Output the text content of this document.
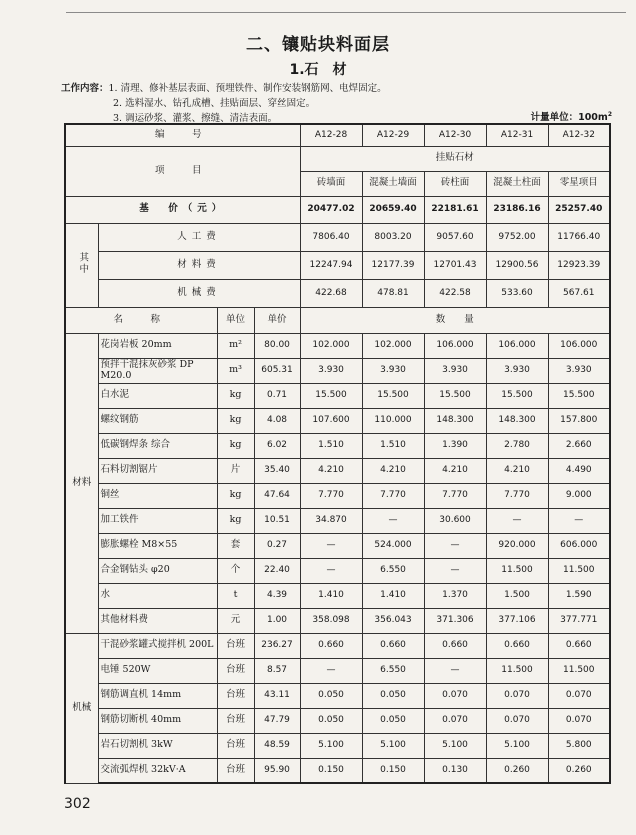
二、镶贴块料面层
1.石　材
工作内容：1. 清理、修补基层表面、预埋铁件、制作安装钢筋网、电焊固定。
2. 选料湿水、钻孔成槽、挂贴面层、穿丝固定。
3. 调运砂浆、灌浆、擦缝、清洁表面。	计量单位：$100m^2$
编　号				A12-28	A12-29	A12-30	A12-31	A12-32
项　目				挂贴石材				
				砖墙面	混凝土墙面	砖柱面	混凝土柱面	零星项目
基　价（元）				20477.02	20659.40	22181.61	23186.16	25257.40
其中	人工费			7806.40	8003.20	9057.60	9752.00	11766.40
	材料费			12247.94	12177.39	12701.43	12900.56	12923.39
	机械费			422.68	478.81	422.58	533.60	567.61
名　称		单位	单价	数　　量				
材料	花岗岩板 20mm	m²	80.00	102.000	102.000	106.000	106.000	106.000
	预拌干混抹灰砂浆 DP M20.0	m³	605.31	3.930	3.930	3.930	3.930	3.930
	白水泥	kg	0.71	15.500	15.500	15.500	15.500	15.500
	螺纹钢筋	kg	4.08	107.600	110.000	148.300	148.300	157.800
	低碳钢焊条 综合	kg	6.02	1.510	1.510	1.390	2.780	2.660
	石料切割锯片	片	35.40	4.210	4.210	4.210	4.210	4.490
	铜丝	kg	47.64	7.770	7.770	7.770	7.770	9.000
	加工铁件	kg	10.51	34.870	—	30.600	—	—
	膨胀螺栓 M8×55	套	0.27	—	524.000	—	920.000	606.000
	合金钢钻头 φ20	个	22.40	—	6.550	—	11.500	11.500
	水	t	4.39	1.410	1.410	1.370	1.500	1.590
	其他材料费	元	1.00	358.098	356.043	371.306	377.106	377.771
机械	干混砂浆罐式搅拌机 200L	台班	236.27	0.660	0.660	0.660	0.660	0.660
	电锤 520W	台班	8.57	—	6.550	—	11.500	11.500
	钢筋调直机 14mm	台班	43.11	0.050	0.050	0.070	0.070	0.070
	钢筋切断机 40mm	台班	47.79	0.050	0.050	0.070	0.070	0.070
	岩石切割机 3kW	台班	48.59	5.100	5.100	5.100	5.100	5.800
	交流弧焊机 32kV·A	台班	95.90	0.150	0.150	0.130	0.260	0.260
302
